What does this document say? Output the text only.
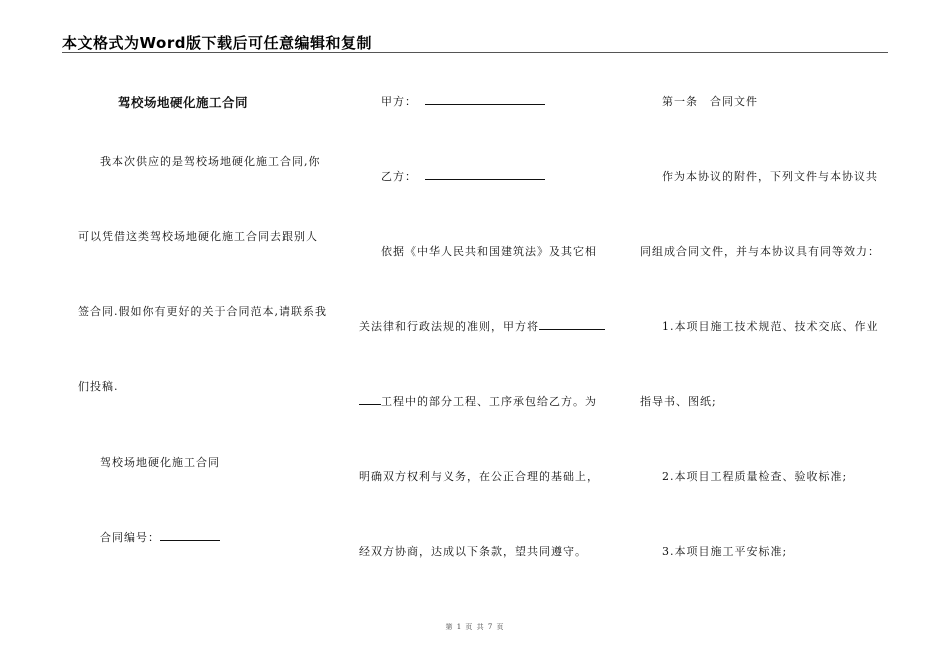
本文格式为Word版下载后可任意编辑和复制
驾校场地硬化施工合同
我本次供应的是驾校场地硬化施工合同,你
可以凭借这类驾校场地硬化施工合同去跟别人
签合同.假如你有更好的关于合同范本,请联系我
们投稿.
驾校场地硬化施工合同
合同编号：
甲方：
乙方：
依据《中华人民共和国建筑法》及其它相
关法律和行政法规的准则，甲方将
工程中的部分工程、工序承包给乙方。为
明确双方权利与义务，在公正合理的基础上，
经双方协商，达成以下条款，望共同遵守。
第一条　合同文件
作为本协议的附件，下列文件与本协议共
同组成合同文件，并与本协议具有同等效力：
1.本项目施工技术规范、技术交底、作业
指导书、图纸;
2.本项目工程质量检查、验收标准;
3.本项目施工平安标准;
第 1 页 共 7 页
